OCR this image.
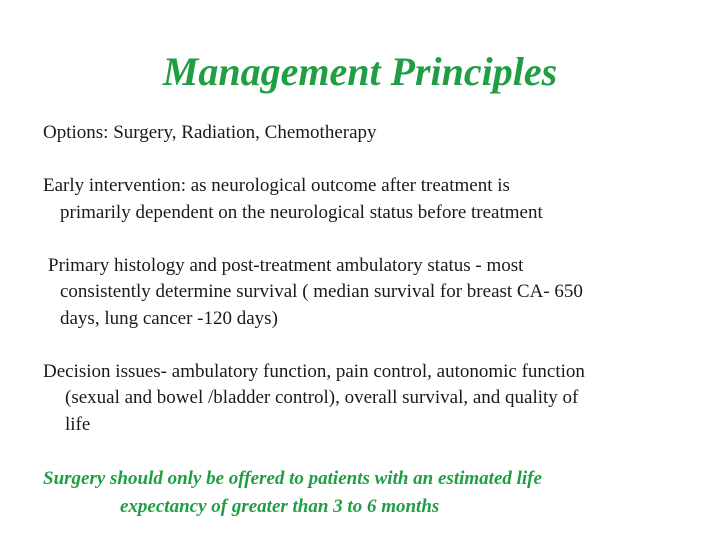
Management Principles

Options: Surgery, Radiation, Chemotherapy

Early intervention: as neurological outcome after treatment is
primarily dependent on the neurological status before treatment

Primary histology and post-treatment ambulatory status - most
consistently determine survival ( median survival for breast CA- 650
days, lung cancer -120 days)

Decision issues- ambulatory function, pain control, autonomic function
(sexual and bowel /bladder control), overall survival, and quality of
life

Surgery should only be offered to patients with an estimated life expectancy of greater than 3 to 6 months
